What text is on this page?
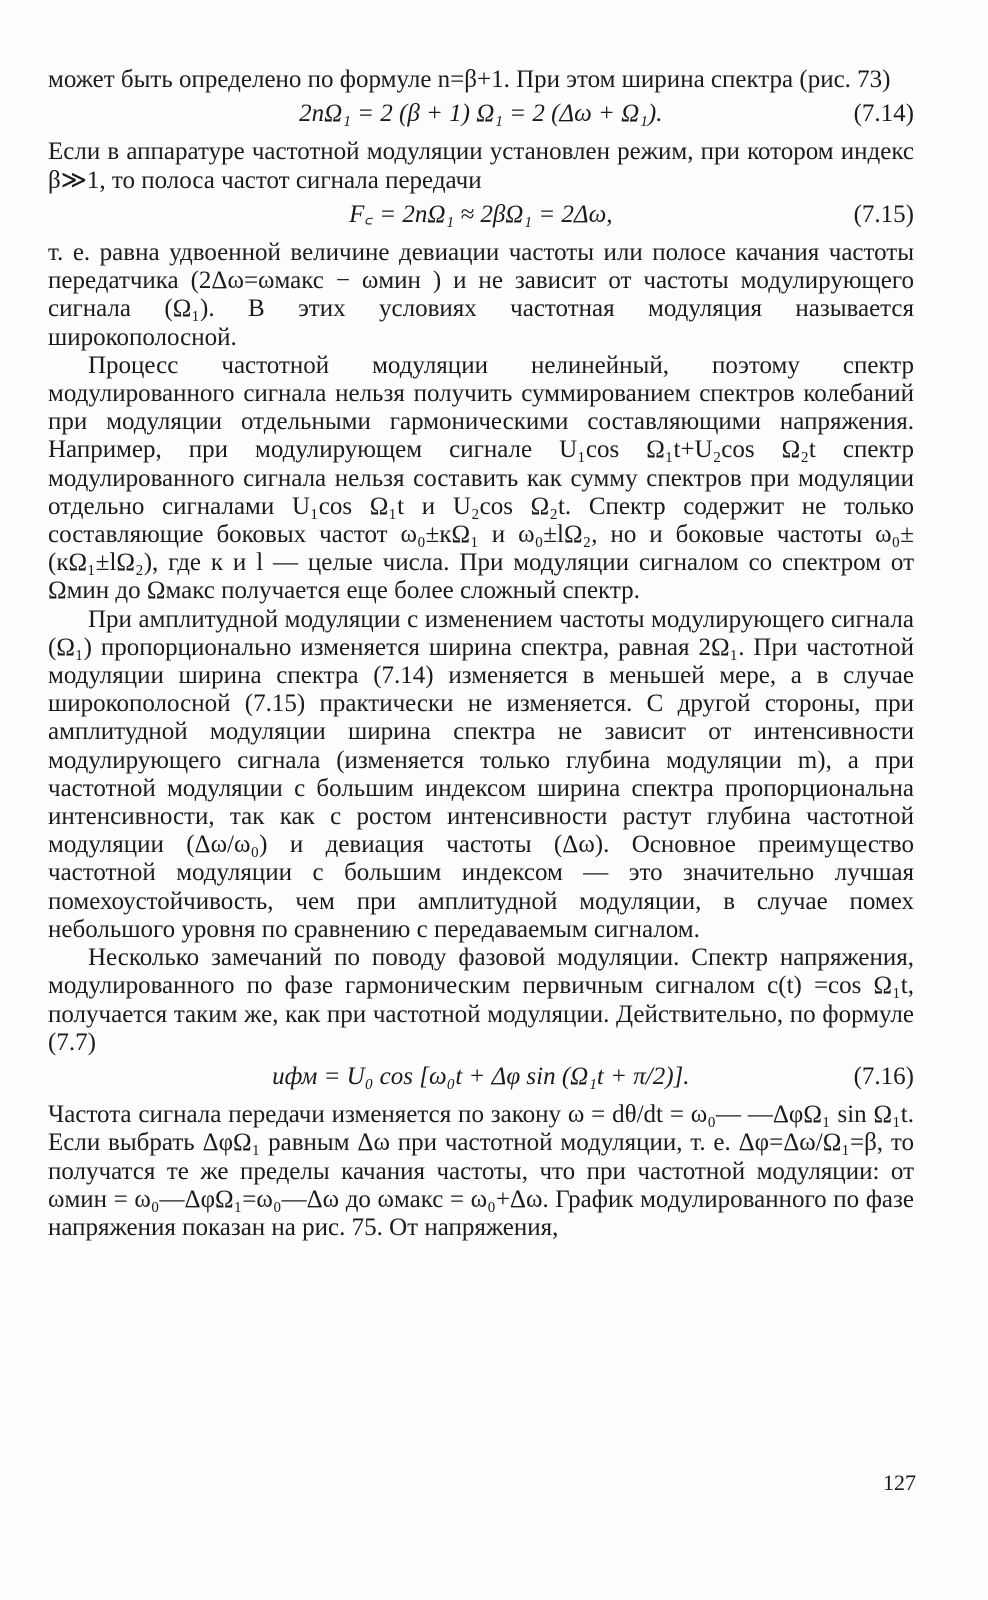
может быть определено по формуле n=β+1. При этом ширина спектра (рис. 73)

2nΩ₁ = 2 (β + 1) Ω₁ = 2 (Δω + Ω₁).	(7.14)

Если в аппаратуре частотной модуляции установлен режим, при котором индекс β≫1, то полоса частот сигнала передачи

F꜀ = 2nΩ₁ ≈ 2βΩ₁ = 2Δω,	(7.15)

т. е. равна удвоенной величине девиации частоты или полосе качания частоты передатчика (2Δω=ωмакс − ωмин ) и не зависит от частоты модулирующего сигнала (Ω₁). В этих условиях частотная модуляция называется широкополосной.

Процесс частотной модуляции нелинейный, поэтому спектр модулированного сигнала нельзя получить суммированием спектров колебаний при модуляции отдельными гармоническими составляющими напряжения. Например, при модулирующем сигнале U₁cos Ω₁t+U₂cos Ω₂t спектр модулированного сигнала нельзя составить как сумму спектров при модуляции отдельно сигналами U₁cos Ω₁t и U₂cos Ω₂t. Спектр содержит не только составляющие боковых частот ω₀±кΩ₁ и ω₀±lΩ₂, но и боковые частоты ω₀±(кΩ₁±lΩ₂), где к и l — целые числа. При модуляции сигналом со спектром от Ωмин до Ωмакс получается еще более сложный спектр.

При амплитудной модуляции с изменением частоты модулирующего сигнала (Ω₁) пропорционально изменяется ширина спектра, равная 2Ω₁. При частотной модуляции ширина спектра (7.14) изменяется в меньшей мере, а в случае широкополосной (7.15) практически не изменяется. С другой стороны, при амплитудной модуляции ширина спектра не зависит от интенсивности модулирующего сигнала (изменяется только глубина модуляции m), а при частотной модуляции с большим индексом ширина спектра пропорциональна интенсивности, так как с ростом интенсивности растут глубина частотной модуляции (Δω/ω₀) и девиация частоты (Δω). Основное преимущество частотной модуляции с большим индексом — это значительно лучшая помехоустойчивость, чем при амплитудной модуляции, в случае помех небольшого уровня по сравнению с передаваемым сигналом.

Несколько замечаний по поводу фазовой модуляции. Спектр напряжения, модулированного по фазе гармоническим первичным сигналом c(t) =cos Ω₁t, получается таким же, как при частотной модуляции. Действительно, по формуле (7.7)

uфм = U₀ cos [ω₀t + Δφ sin (Ω₁t + π/2)].	(7.16)

Частота сигнала передачи изменяется по закону ω = dθ/dt = ω₀— —ΔφΩ₁ sin Ω₁t. Если выбрать ΔφΩ₁ равным Δω при частотной модуляции, т. е. Δφ=Δω/Ω₁=β, то получатся те же пределы качания частоты, что при частотной модуляции: от ωмин = ω₀—ΔφΩ₁=ω₀—Δω до ωмакс = ω₀+Δω. График модулированного по фазе напряжения показан на рис. 75. От напряжения,

127
